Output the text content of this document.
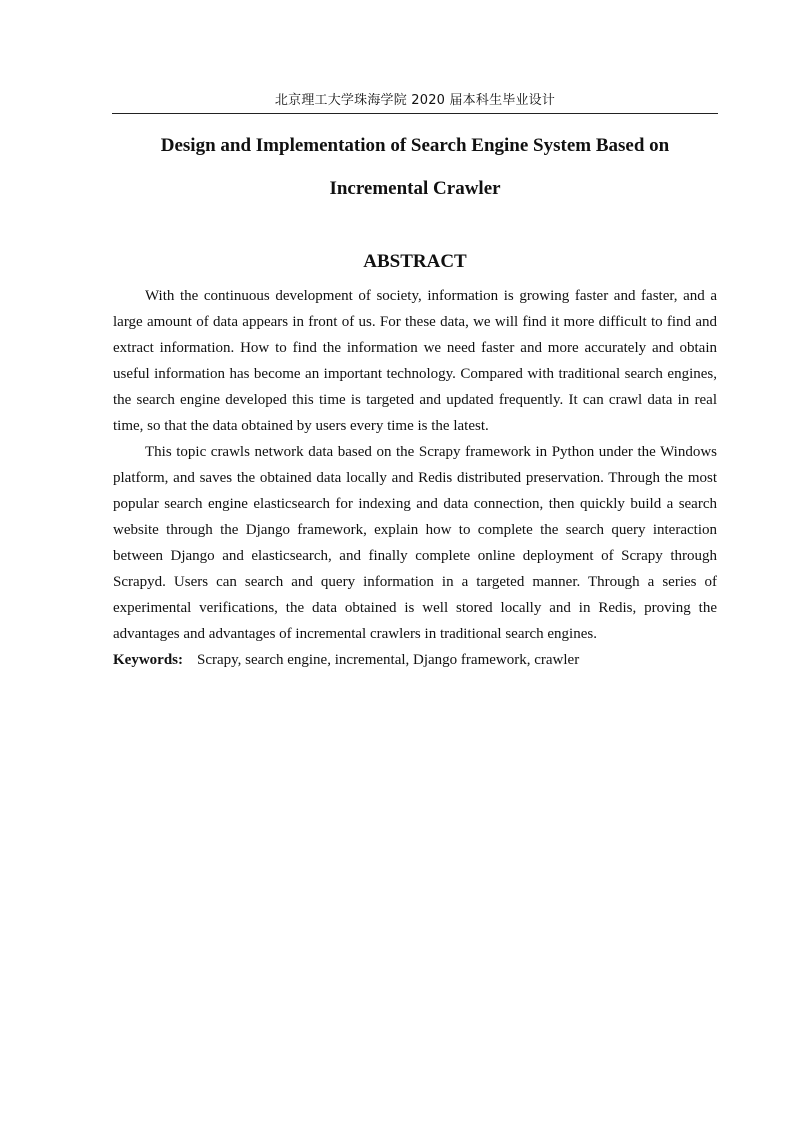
北京理工大学珠海学院 2020 届本科生毕业设计
Design and Implementation of Search Engine System Based on Incremental Crawler
ABSTRACT

With the continuous development of society, information is growing faster and faster, and a large amount of data appears in front of us. For these data, we will find it more difficult to find and extract information. How to find the information we need faster and more accurately and obtain useful information has become an important technology. Compared with traditional search engines, the search engine developed this time is targeted and updated frequently. It can crawl data in real time, so that the data obtained by users every time is the latest.

This topic crawls network data based on the Scrapy framework in Python under the Windows platform, and saves the obtained data locally and Redis distributed preservation. Through the most popular search engine elasticsearch for indexing and data connection, then quickly build a search website through the Django framework, explain how to complete the search query interaction between Django and elasticsearch, and finally complete online deployment of Scrapy through Scrapyd. Users can search and query information in a targeted manner. Through a series of experimental verifications, the data obtained is well stored locally and in Redis, proving the advantages and advantages of incremental crawlers in traditional search engines.

Keywords: Scrapy, search engine, incremental, Django framework, crawler
